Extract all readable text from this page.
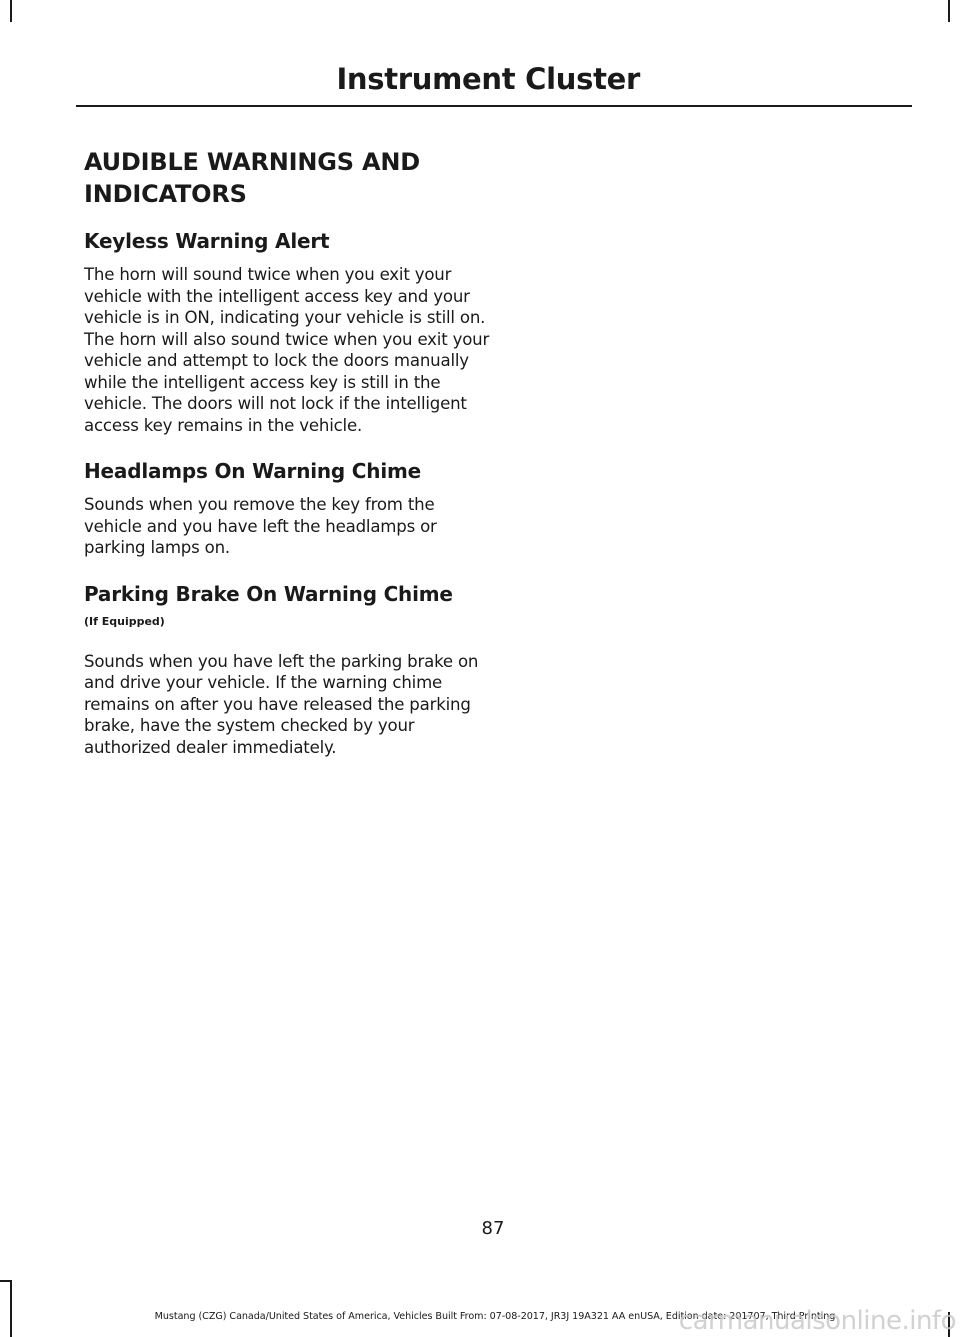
Instrument Cluster
AUDIBLE WARNINGS AND INDICATORS
Keyless Warning Alert

The horn will sound twice when you exit your vehicle with the intelligent access key and your vehicle is in ON, indicating your vehicle is still on. The horn will also sound twice when you exit your vehicle and attempt to lock the doors manually while the intelligent access key is still in the vehicle. The doors will not lock if the intelligent access key remains in the vehicle.

Headlamps On Warning Chime

Sounds when you remove the key from the vehicle and you have left the headlamps or parking lamps on.

Parking Brake On Warning Chime

(If Equipped)

Sounds when you have left the parking brake on and drive your vehicle. If the warning chime remains on after you have released the parking brake, have the system checked by your authorized dealer immediately.

87
Mustang (CZG) Canada/United States of America, Vehicles Built From: 07-08-2017, JR3J 19A321 AA enUSA, Edition date: 201707, Third Printing
carmanualsonline.info
